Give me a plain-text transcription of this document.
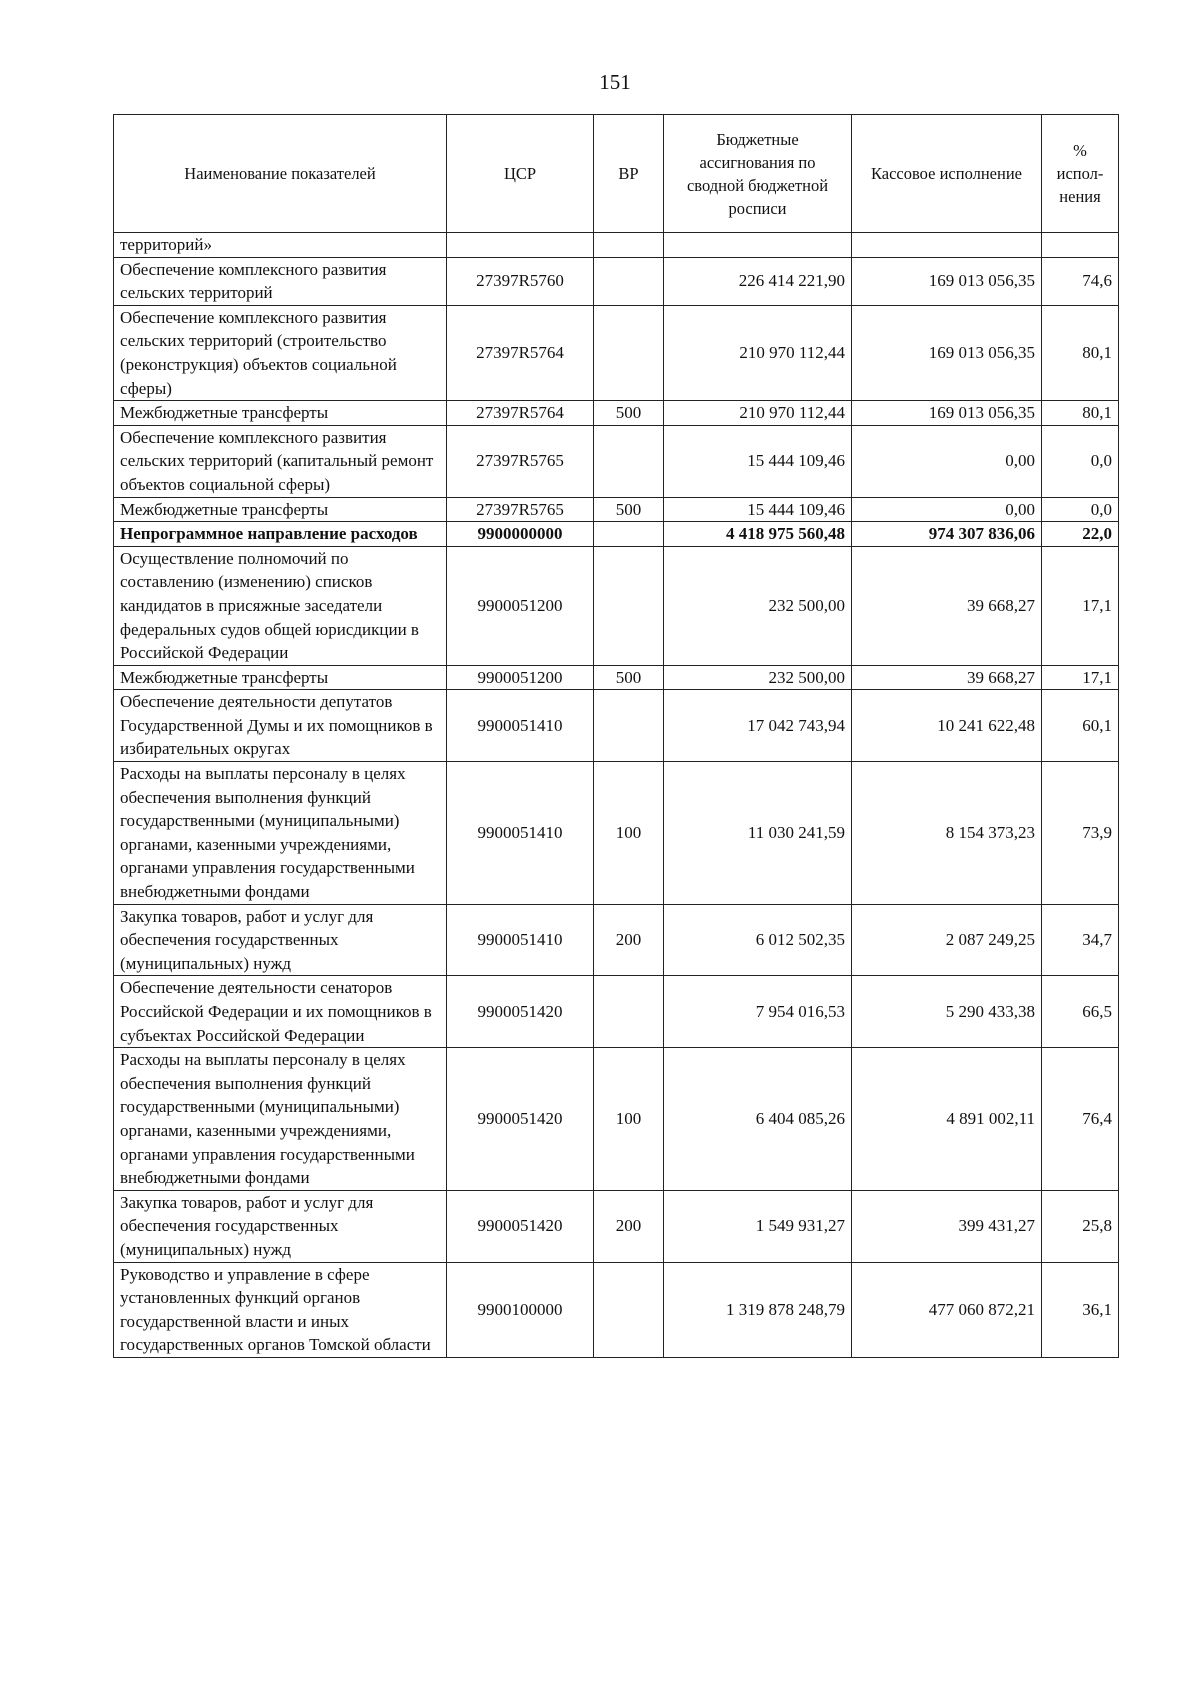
151
Наименование показателей	ЦСР	ВР	Бюджетные ассигнования по сводной бюджетной росписи	Кассовое исполнение	% испол-нения
территорий»					
Обеспечение комплексного развития сельских территорий	27397R5760		226 414 221,90	169 013 056,35	74,6
Обеспечение комплексного развития сельских территорий (строительство (реконструкция) объектов социальной сферы)	27397R5764		210 970 112,44	169 013 056,35	80,1
Межбюджетные трансферты	27397R5764	500	210 970 112,44	169 013 056,35	80,1
Обеспечение комплексного развития сельских территорий (капитальный ремонт объектов социальной сферы)	27397R5765		15 444 109,46	0,00	0,0
Межбюджетные трансферты	27397R5765	500	15 444 109,46	0,00	0,0
Непрограммное направление расходов	9900000000		4 418 975 560,48	974 307 836,06	22,0
Осуществление полномочий по составлению (изменению) списков кандидатов в присяжные заседатели федеральных судов общей юрисдикции в Российской Федерации	9900051200		232 500,00	39 668,27	17,1
Межбюджетные трансферты	9900051200	500	232 500,00	39 668,27	17,1
Обеспечение деятельности депутатов Государственной Думы и их помощников в избирательных округах	9900051410		17 042 743,94	10 241 622,48	60,1
Расходы на выплаты персоналу в целях обеспечения выполнения функций государственными (муниципальными) органами, казенными учреждениями, органами управления государственными внебюджетными фондами	9900051410	100	11 030 241,59	8 154 373,23	73,9
Закупка товаров, работ и услуг для обеспечения государственных (муниципальных) нужд	9900051410	200	6 012 502,35	2 087 249,25	34,7
Обеспечение деятельности сенаторов Российской Федерации и их помощников в субъектах Российской Федерации	9900051420		7 954 016,53	5 290 433,38	66,5
Расходы на выплаты персоналу в целях обеспечения выполнения функций государственными (муниципальными) органами, казенными учреждениями, органами управления государственными внебюджетными фондами	9900051420	100	6 404 085,26	4 891 002,11	76,4
Закупка товаров, работ и услуг для обеспечения государственных (муниципальных) нужд	9900051420	200	1 549 931,27	399 431,27	25,8
Руководство и управление в сфере установленных функций органов государственной власти и иных государственных органов Томской области	9900100000		1 319 878 248,79	477 060 872,21	36,1
